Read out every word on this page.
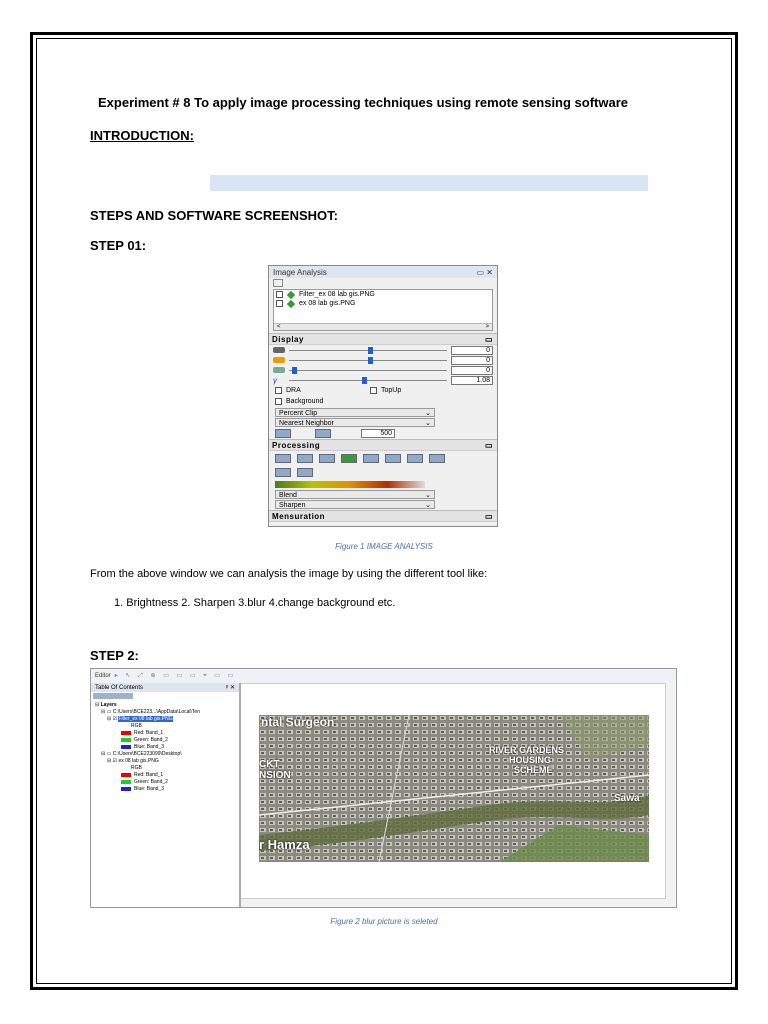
Experiment # 8 To apply image processing techniques using remote sensing software
INTRODUCTION:
STEPS AND SOFTWARE SCREENSHOT:
STEP 01:
Image Analysis	▭ ✕
Filter_ex 08 lab gis.PNG
ex 08 lab gis.PNG
<	>
Display	▭
0
0
0
γ	1.08
DRA	TopUp
Background
Percent Clip	⌄
Nearest Neighbor	⌄
500
Processing	▭
Blend	⌄
Sharpen	⌄
Mensuration	▭
Figure 1 IMAGE ANALYSIS
From the above window we can analysis the image by using the different tool like:
1. Brightness 2. Sharpen 3.blur 4.change background etc.
STEP 2:
Editor ▸ ↖ ⤢ ⊕ ▭ ▭ ▭ ⌖ ▭ ▭
Table Of Contents	ᵖ ✕
⊟ Layers
⊟ ▭ C:\Users\BCE223...\AppData\Local\Ten
⊟ ☑ Filter_ex 08 lab gis.PNG
RGB
Red: Band_1
Green: Band_2
Blue: Band_3
⊟ ▭ C:\Users\BCE223099\Desktop\
⊟ ☑ ex 08 lab gis.PNG
RGB
Red: Band_1
Green: Band_2
Blue: Band_3
ntal Surgeon
RIVER GARDENS
HOUSING
SCHEME
CKT
NSION
Sawa
r Hamza
Figure 2 blur picture is seleted
